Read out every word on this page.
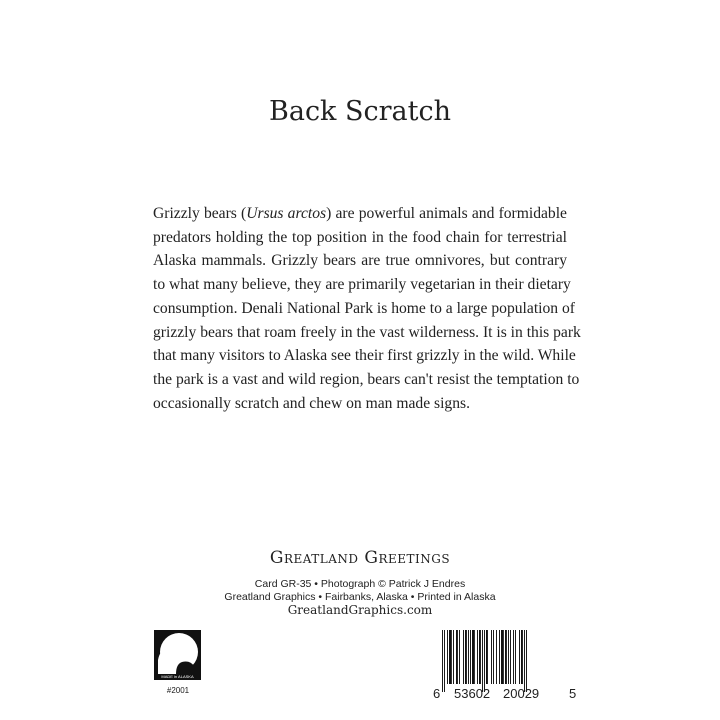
Back Scratch
Grizzly bears (Ursus arctos) are powerful animals and formidable
predators holding the top position in the food chain for terrestrial
Alaska mammals. Grizzly bears are true omnivores, but contrary
to what many believe, they are primarily vegetarian in their dietary
consumption. Denali National Park is home to a large population of
grizzly bears that roam freely in the vast wilderness. It is in this park
that many visitors to Alaska see their first grizzly in the wild. While
the park is a vast and wild region, bears can't resist the temptation to
occasionally scratch and chew on man made signs.
Greatland Greetings
Card GR-35 • Photograph © Patrick J Endres
Greatland Graphics • Fairbanks, Alaska • Printed in Alaska
GreatlandGraphics.com
MADE in ALASKA
#2001	6 53602 20029 5
